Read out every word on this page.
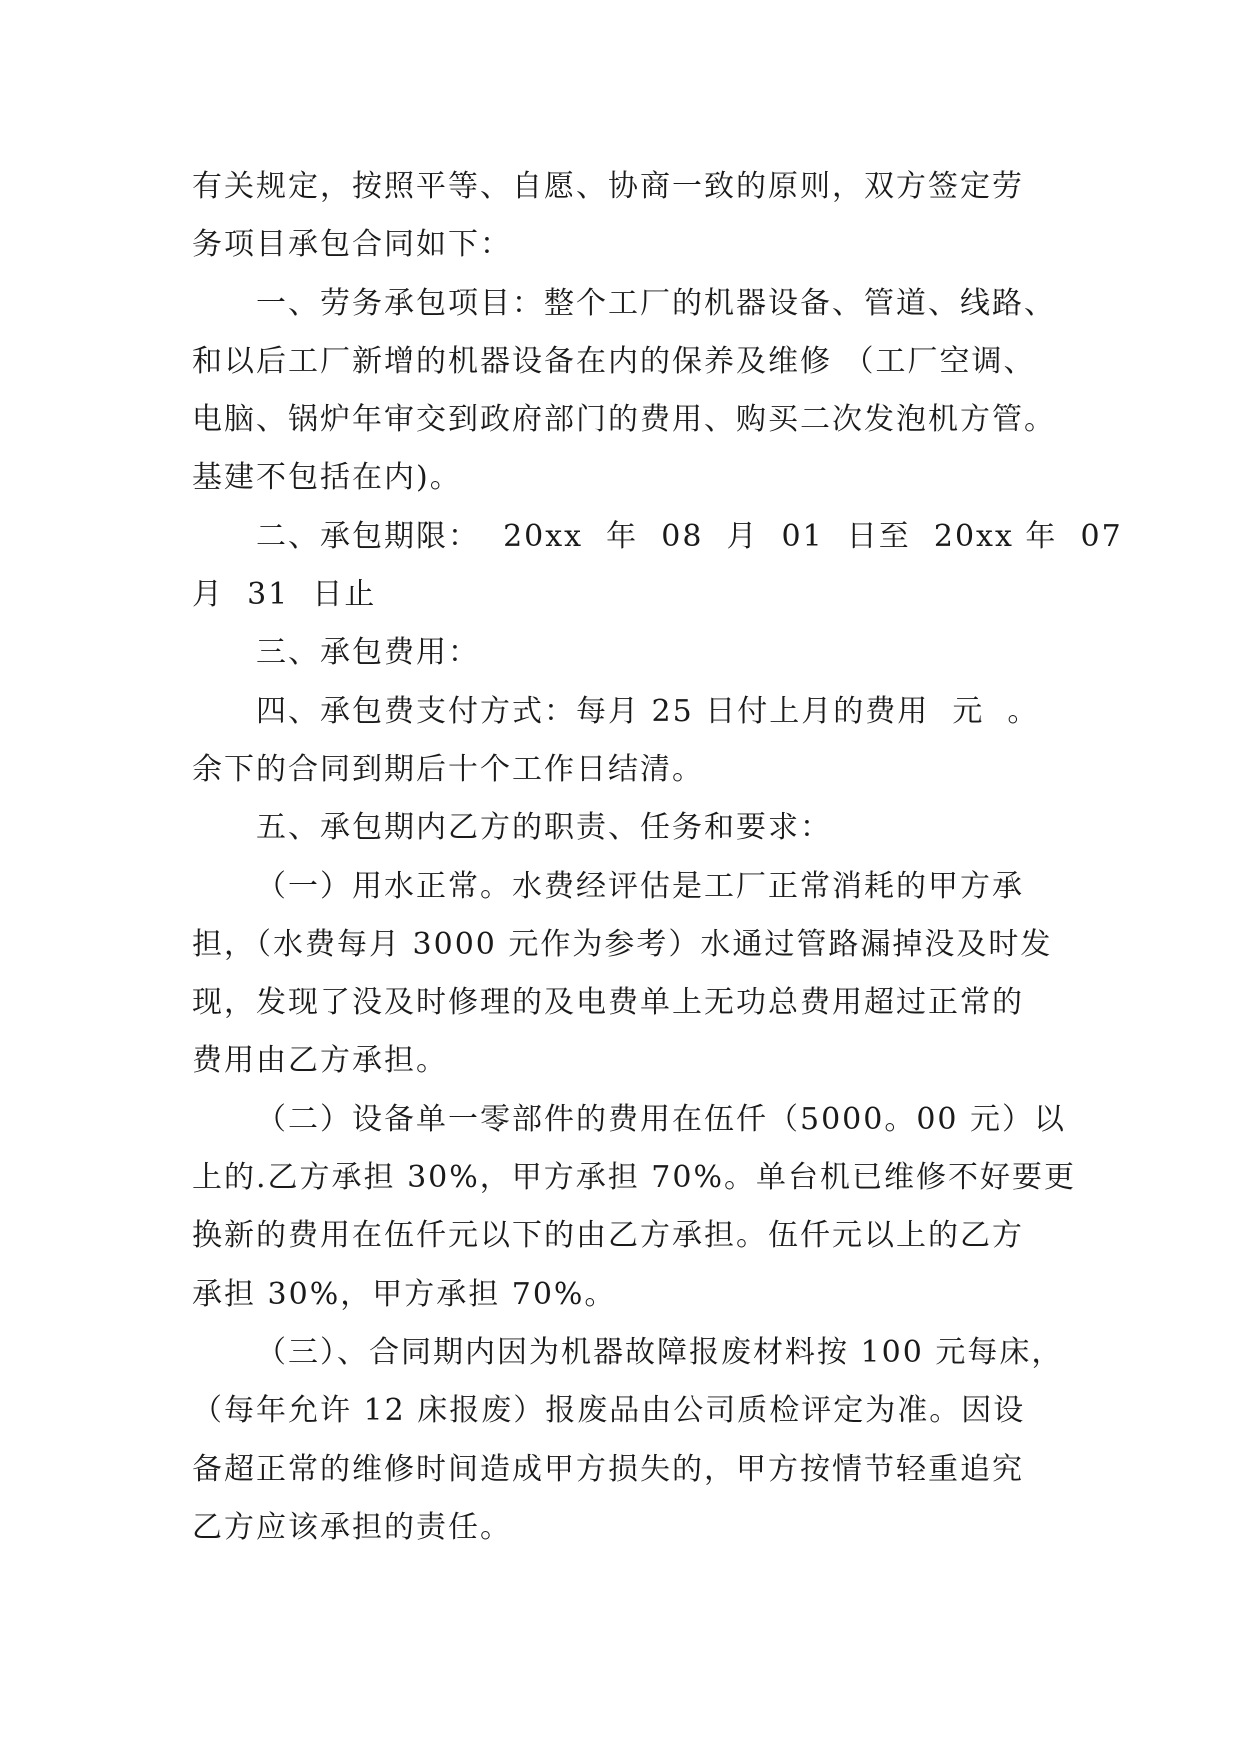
有关规定，按照平等、自愿、协商一致的原则，双方签定劳

务项目承包合同如下：

一、劳务承包项目：整个工厂的机器设备、管道、线路、

和以后工厂新增的机器设备在内的保养及维修 （工厂空调、

电脑、锅炉年审交到政府部门的费用、购买二次发泡机方管。

基建不包括在内)。

二、承包期限：  20xx  年  08  月  01  日至  20xx 年  07

月  31  日止

三、承包费用：

四、承包费支付方式：每月 25 日付上月的费用  元  。

余下的合同到期后十个工作日结清。

五、承包期内乙方的职责、任务和要求：

（一）用水正常。水费经评估是工厂正常消耗的甲方承

担，（水费每月 3000 元作为参考）水通过管路漏掉没及时发

现，发现了没及时修理的及电费单上无功总费用超过正常的

费用由乙方承担。

（二）设备单一零部件的费用在伍仟（5000。00 元）以

上的.乙方承担 30%，甲方承担 70%。单台机已维修不好要更

换新的费用在伍仟元以下的由乙方承担。伍仟元以上的乙方

承担 30%，甲方承担 70%。

（三）、合同期内因为机器故障报废材料按 100 元每床，

（每年允许 12 床报废）报废品由公司质检评定为准。因设

备超正常的维修时间造成甲方损失的，甲方按情节轻重追究

乙方应该承担的责任。
